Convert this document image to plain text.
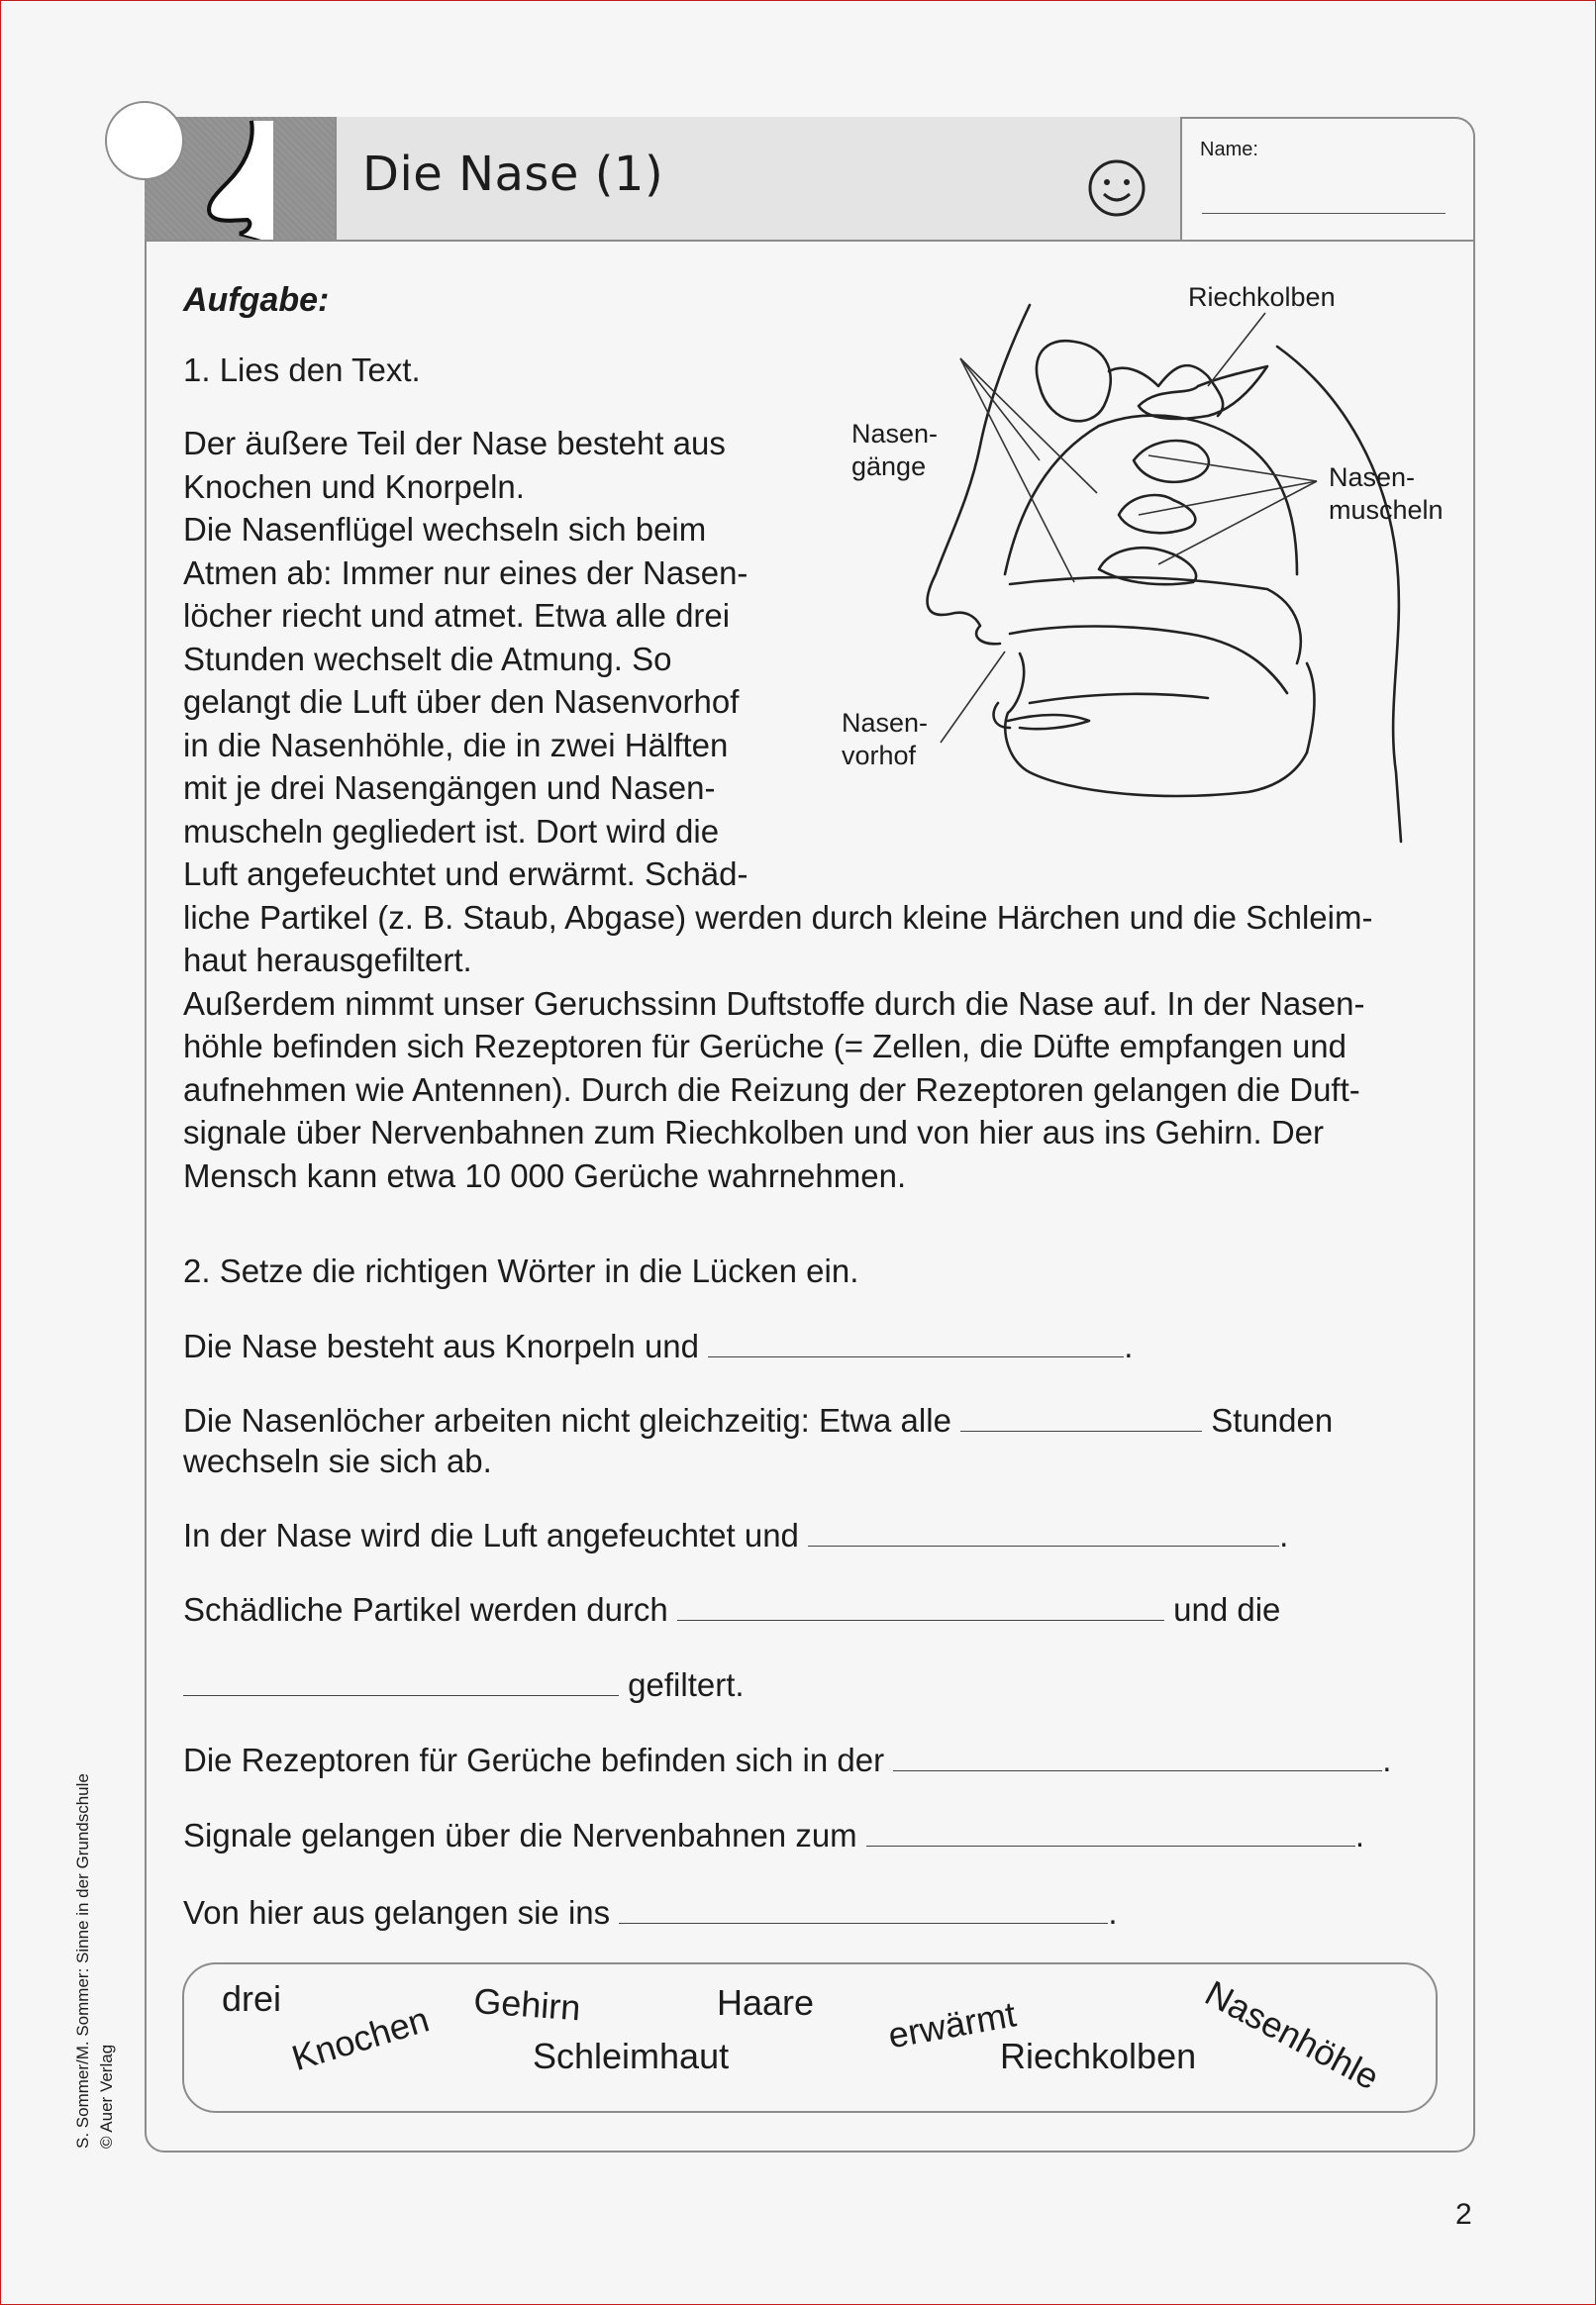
Die Nase (1)	Name:
Aufgabe:
1. Lies den Text.
Der äußere Teil der Nase besteht aus
Knochen und Knorpeln.
Die Nasenflügel wechseln sich beim
Atmen ab: Immer nur eines der Nasen-
löcher riecht und atmet. Etwa alle drei
Stunden wechselt die Atmung. So
gelangt die Luft über den Nasenvorhof
in die Nasenhöhle, die in zwei Hälften
mit je drei Nasengängen und Nasen-
muscheln gegliedert ist. Dort wird die
Luft angefeuchtet und erwärmt. Schäd-
liche Partikel (z. B. Staub, Abgase) werden durch kleine Härchen und die Schleim-
haut herausgefiltert.
Außerdem nimmt unser Geruchssinn Duftstoffe durch die Nase auf. In der Nasen-
höhle befinden sich Rezeptoren für Gerüche (= Zellen, die Düfte empfangen und
aufnehmen wie Antennen). Durch die Reizung der Rezeptoren gelangen die Duft-
signale über Nervenbahnen zum Riechkolben und von hier aus ins Gehirn. Der
Mensch kann etwa 10 000 Gerüche wahrnehmen.
Riechkolben
Nasen-
gänge	Nasen-
muscheln
Nasen-
vorhof
2. Setze die richtigen Wörter in die Lücken ein.
Die Nase besteht aus Knorpeln und	.
Die Nasenlöcher arbeiten nicht gleichzeitig: Etwa alle	Stunden
wechseln sie sich ab.
In der Nase wird die Luft angefeuchtet und	.
Schädliche Partikel werden durch	und die
gefiltert.
Die Rezeptoren für Gerüche befinden sich in der	.
Signale gelangen über die Nervenbahnen zum	.
Von hier aus gelangen sie ins	.
drei Knochen Gehirn
Schleimhaut
Haare erwärmt
Riechkolben Nasenhöhle
S. Sommer/M. Sommer: Sinne in der Grundschule © Auer Verlag
2
